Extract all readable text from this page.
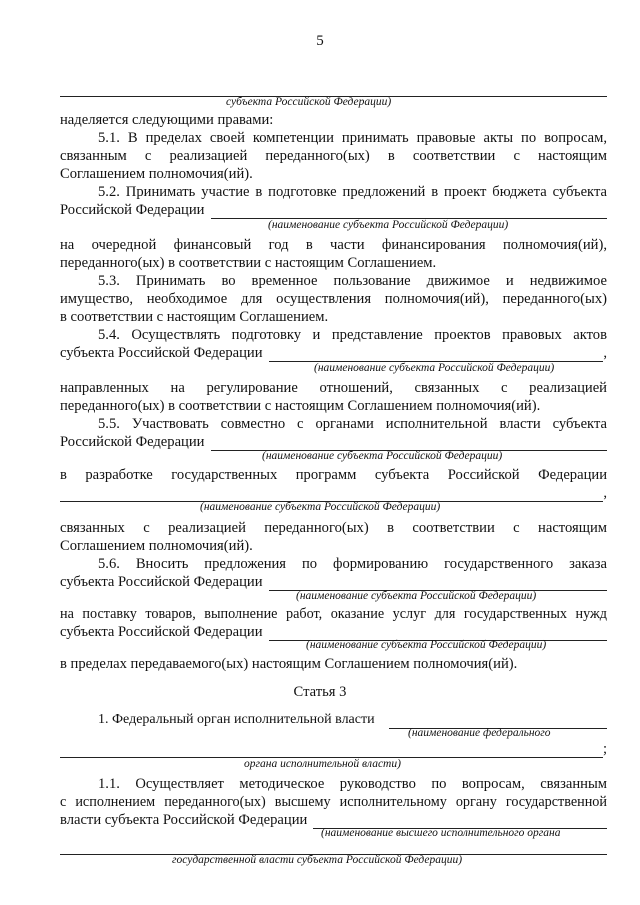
5
субъекта Российской Федерации)
наделяется следующими правами:
5.1. В пределах своей компетенции принимать правовые акты по вопросам,
связанным с реализацией переданного(ых) в соответствии с настоящим
Соглашением полномочия(ий).
5.2. Принимать участие в подготовке предложений в проект бюджета субъекта
Российской Федерации
(наименование субъекта Российской Федерации)
на очередной финансовый год в части финансирования полномочия(ий),
переданного(ых) в соответствии с настоящим Соглашением.
5.3. Принимать во временное пользование движимое и недвижимое
имущество, необходимое для осуществления полномочия(ий), переданного(ых)
в соответствии с настоящим Соглашением.
5.4. Осуществлять подготовку и представление проектов правовых актов
субъекта Российской Федерации	,
(наименование субъекта Российской Федерации)
направленных на регулирование отношений, связанных с реализацией
переданного(ых) в соответствии с настоящим Соглашением полномочия(ий).
5.5. Участвовать совместно с органами исполнительной власти субъекта
Российской Федерации
(наименование субъекта Российской Федерации)
в разработке государственных программ субъекта Российской Федерации
,
(наименование субъекта Российской Федерации)
связанных с реализацией переданного(ых) в соответствии с настоящим
Соглашением полномочия(ий).
5.6. Вносить предложения по формированию государственного заказа
субъекта Российской Федерации
(наименование субъекта Российской Федерации)
на поставку товаров, выполнение работ, оказание услуг для государственных нужд
субъекта Российской Федерации
(наименование субъекта Российской Федерации)
в пределах передаваемого(ых) настоящим Соглашением полномочия(ий).
Статья 3
1. Федеральный орган исполнительной власти
(наименование федерального
;
органа исполнительной власти)
1.1. Осуществляет методическое руководство по вопросам, связанным
с исполнением переданного(ых) высшему исполнительному органу государственной
власти субъекта Российской Федерации
(наименование высшего исполнительного органа
государственной власти субъекта Российской Федерации)
